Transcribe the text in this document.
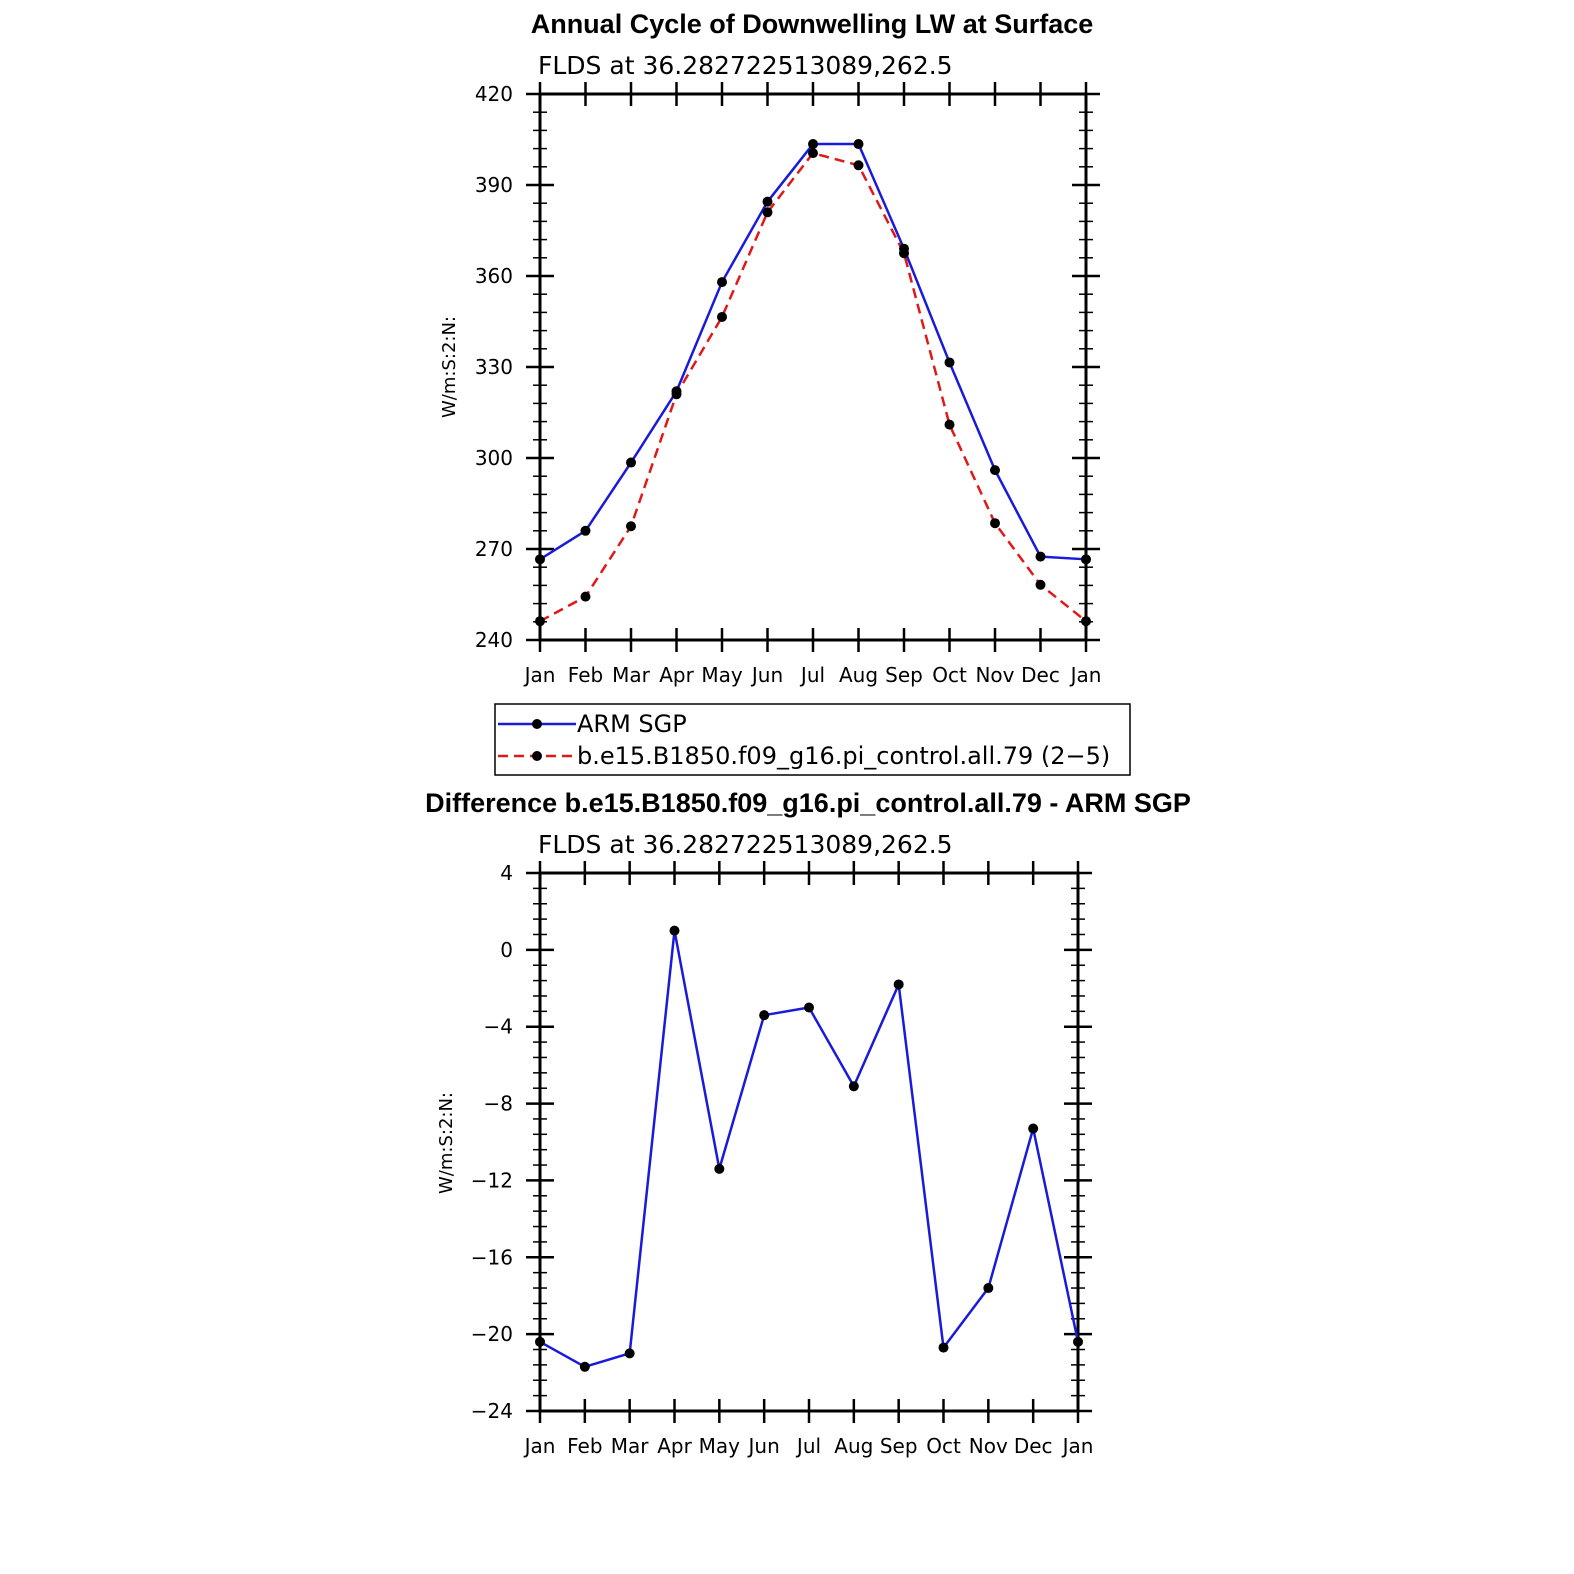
Annual Cycle of Downwelling LW at Surface
FLDS at 36.282722513089,262.5
W/m:S:2:N:
240
270
300
330
360
390
420
Jan Feb Mar Apr May Jun Jul Aug Sep Oct Nov Dec Jan
ARM SGP
b.e15.B1850.f09_g16.pi_control.all.79 (2−5)
Difference b.e15.B1850.f09_g16.pi_control.all.79 - ARM SGP
FLDS at 36.282722513089,262.5
W/m:S:2:N:
−24
−20
−16
−12
−8
−4
0
4
Jan Feb Mar Apr May Jun Jul Aug Sep Oct Nov Dec Jan
